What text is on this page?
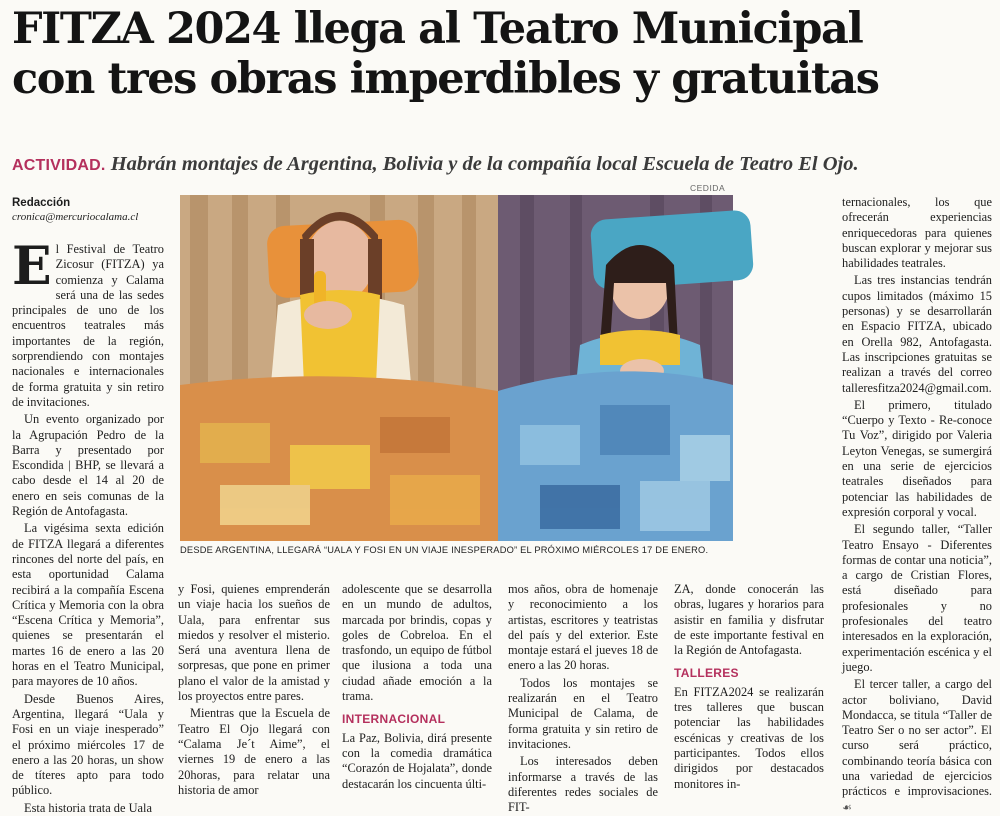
FITZA 2024 llega al Teatro Municipal
con tres obras imperdibles y gratuitas
ACTIVIDAD. Habrán montajes de Argentina, Bolivia y de la compañía local Escuela de Teatro El Ojo.
Redacción
cronica@mercuriocalama.cl

El Festival de Teatro Zicosur (FITZA) ya comienza y Calama será una de las sedes principales de uno de los encuentros teatrales más importantes de la región, sorprendiendo con montajes nacionales e internacionales de forma gratuita y sin retiro de invitaciones.

Un evento organizado por la Agrupación Pedro de la Barra y presentado por Escondida | BHP, se llevará a cabo desde el 14 al 20 de enero en seis comunas de la Región de Antofagasta.

La vigésima sexta edición de FITZA llegará a diferentes rincones del norte del país, en esta oportunidad Calama recibirá a la compañía Escena Crítica y Memoria con la obra “Escena Crítica y Memoria”, quienes se presentarán el martes 16 de enero a las 20 horas en el Teatro Municipal, para mayores de 10 años.

Desde Buenos Aires, Argentina, llegará “Uala y Fosi en un viaje inesperado” el próximo miércoles 17 de enero a las 20 horas, un show de títeres apto para todo público.

Esta historia trata de Uala

CEDIDA
DESDE ARGENTINA, LLEGARÁ “UALA Y FOSI EN UN VIAJE INESPERADO” EL PRÓXIMO MIÉRCOLES 17 DE ENERO.

y Fosi, quienes emprenderán un viaje hacia los sueños de Uala, para enfrentar sus miedos y resolver el misterio. Será una aventura llena de sorpresas, que pone en primer plano el valor de la amistad y los proyectos entre pares.

Mientras que la Escuela de Teatro El Ojo llegará con “Calama Je´t Aime”, el viernes 19 de enero a las 20horas, para relatar una historia de amor

adolescente que se desarrolla en un mundo de adultos, marcada por brindis, copas y goles de Cobreloa. En el trasfondo, un equipo de fútbol que ilusiona a toda una ciudad añade emoción a la trama.

INTERNACIONAL

La Paz, Bolivia, dirá presente con la comedia dramática “Corazón de Hojalata”, donde destacarán los cincuenta últi-

mos años, obra de homenaje y reconocimiento a los artistas, escritores y teatristas del país y del exterior. Este montaje estará el jueves 18 de enero a las 20 horas.

Todos los montajes se realizarán en el Teatro Municipal de Calama, de forma gratuita y sin retiro de invitaciones.

Los interesados deben informarse a través de las diferentes redes sociales de FIT-

ZA, donde conocerán las obras, lugares y horarios para asistir en familia y disfrutar de este importante festival en la Región de Antofagasta.

TALLERES

En FITZA2024 se realizarán tres talleres que buscan potenciar las habilidades escénicas y creativas de los participantes. Todos ellos dirigidos por destacados monitores in-

ternacionales, los que ofrecerán experiencias enriquecedoras para quienes buscan explorar y mejorar sus habilidades teatrales.

Las tres instancias tendrán cupos limitados (máximo 15 personas) y se desarrollarán en Espacio FITZA, ubicado en Orella 982, Antofagasta. Las inscripciones gratuitas se realizan a través del correo talleresfitza2024@gmail.com.

El primero, titulado “Cuerpo y Texto - Re-conoce Tu Voz”, dirigido por Valeria Leyton Venegas, se sumergirá en una serie de ejercicios teatrales diseñados para potenciar las habilidades de expresión corporal y vocal.

El segundo taller, “Taller Teatro Ensayo - Diferentes formas de contar una noticia”, a cargo de Cristian Flores, está diseñado para profesionales y no profesionales del teatro interesados en la exploración, experimentación escénica y el juego.

El tercer taller, a cargo del actor boliviano, David Mondacca, se titula “Taller de Teatro Ser o no ser actor”. El curso será práctico, combinando teoría básica con una variedad de ejercicios prácticos e improvisaciones. ☙
